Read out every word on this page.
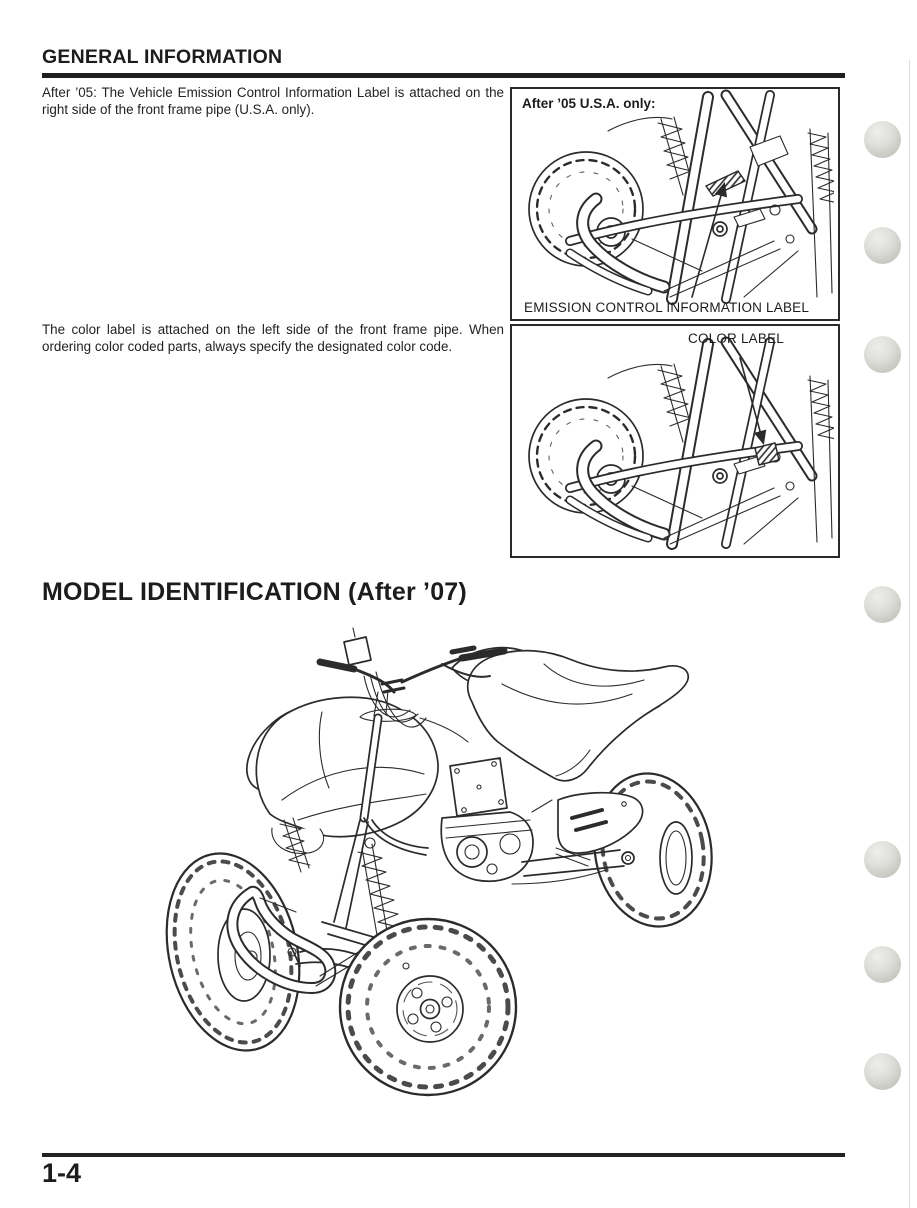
GENERAL INFORMATION

After ’05: The Vehicle Emission Control Information Label is attached on the right side of the front frame pipe (U.S.A. only).	After ’05 U.S.A. only:
EMISSION CONTROL INFORMATION LABEL

The color label is attached on the left side of the front frame pipe. When ordering color coded parts, always specify the designated color code.

COLOR LABEL
MODEL IDENTIFICATION (After ’07)
1-4
